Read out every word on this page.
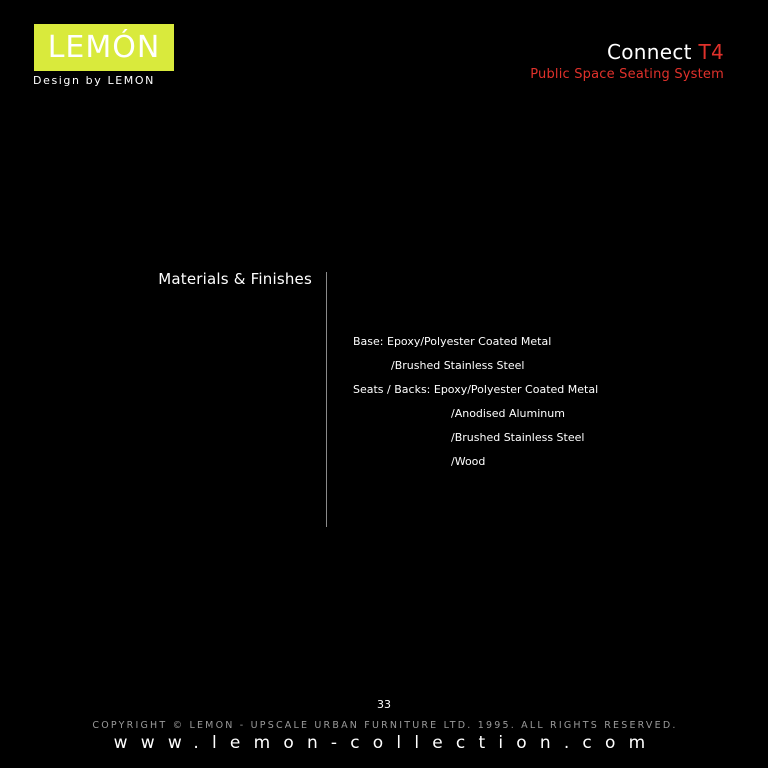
LEMÓN
Design by LEMON
Connect T4
Public Space Seating System
Materials & Finishes
Base: Epoxy/Polyester Coated Metal
/Brushed Stainless Steel
Seats / Backs: Epoxy/Polyester Coated Metal
/Anodised Aluminum
/Brushed Stainless Steel
/Wood
33
COPYRIGHT © LEMON - UPSCALE URBAN FURNITURE LTD. 1995. ALL RIGHTS RESERVED.
www.lemon-collection.com
